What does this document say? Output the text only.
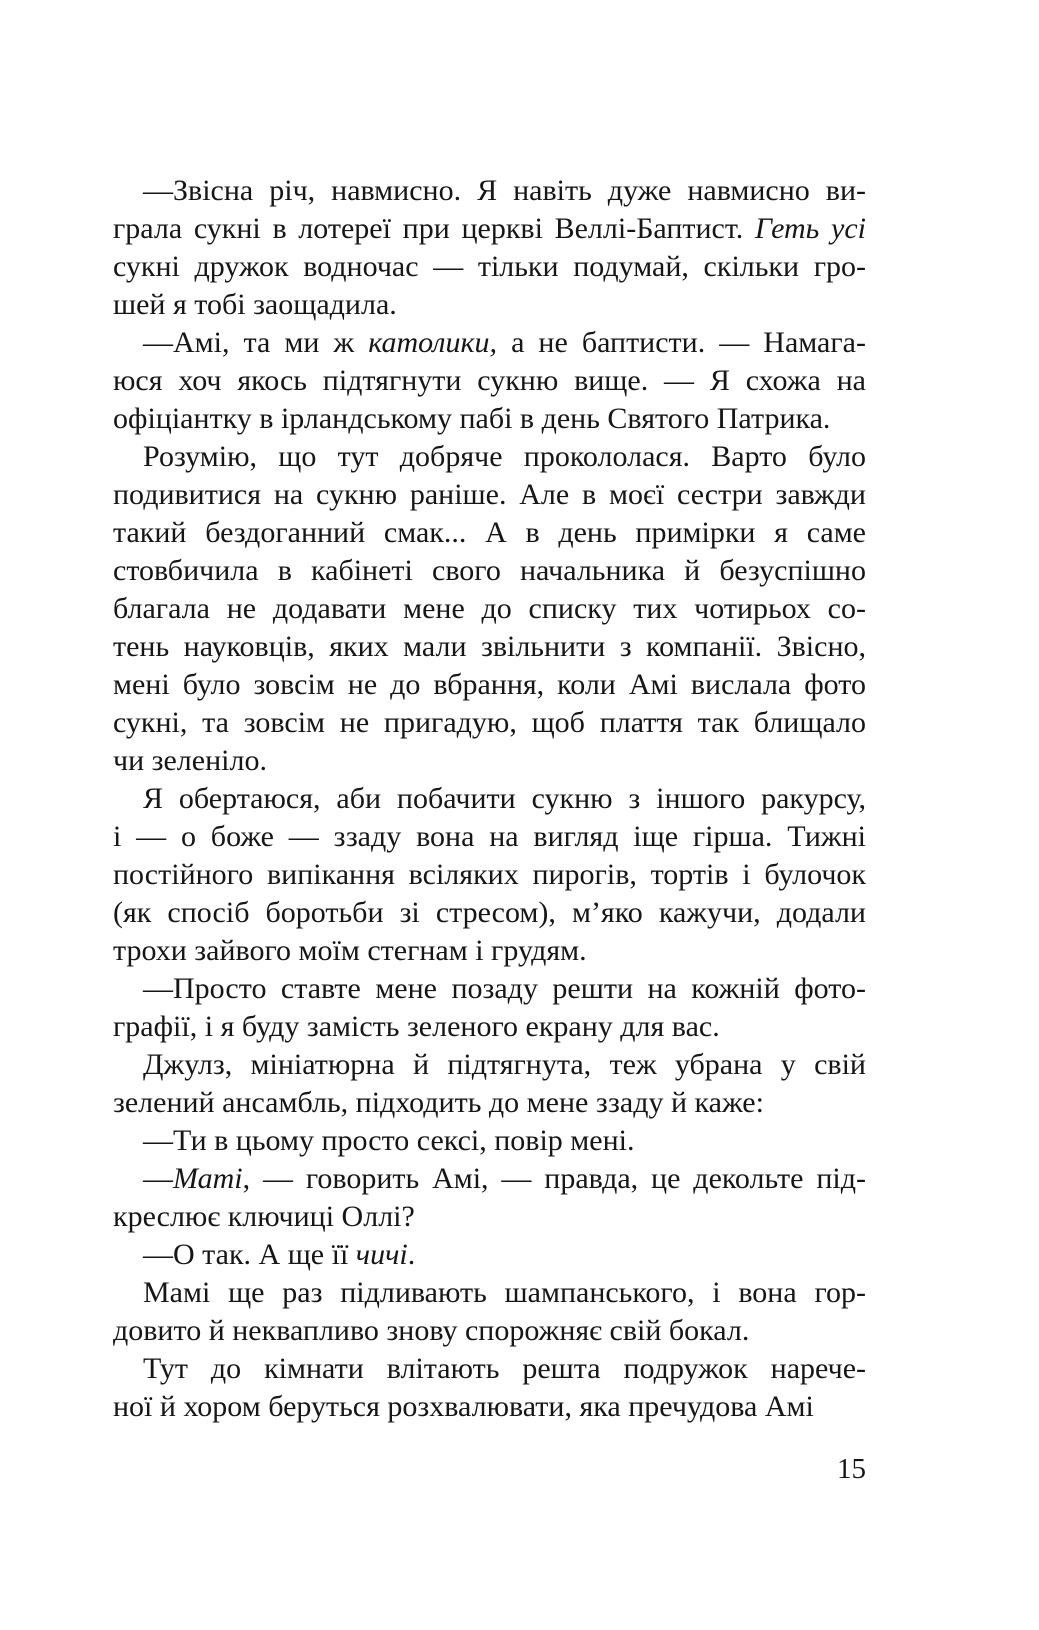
—Звісна річ, навмисно. Я навіть дуже навмисно ви-
грала сукні в лотереї при церкві Веллі-Баптист. Геть усі
сукні дружок водночас — тільки подумай, скільки гро-
шей я тобі заощадила.
—Амі, та ми ж католики, а не баптисти. — Намага-
юся хоч якось підтягнути сукню вище. — Я схожа на
офіціантку в ірландському пабі в день Святого Патрика.
Розумію, що тут добряче прокололася. Варто було
подивитися на сукню раніше. Але в моєї сестри завжди
такий бездоганний смак... А в день примірки я саме
стовбичила в кабінеті свого начальника й безуспішно
благала не додавати мене до списку тих чотирьох со-
тень науковців, яких мали звільнити з компанії. Звісно,
мені було зовсім не до вбрання, коли Амі вислала фото
сукні, та зовсім не пригадую, щоб плаття так блищало
чи зеленіло.
Я обертаюся, аби побачити сукню з іншого ракурсу,
і — о боже — ззаду вона на вигляд іще гірша. Тижні
постійного випікання всіляких пирогів, тортів і булочок
(як спосіб боротьби зі стресом), м’яко кажучи, додали
трохи зайвого моїм стегнам і грудям.
—Просто ставте мене позаду решти на кожній фото-
графії, і я буду замість зеленого екрану для вас.
Джулз, мініатюрна й підтягнута, теж убрана у свій
зелений ансамбль, підходить до мене ззаду й каже:
—Ти в цьому просто сексі, повір мені.
—Маті, — говорить Амі, — правда, це декольте під-
креслює ключиці Оллі?
—О так. А ще її чичі.
Мамі ще раз підливають шампанського, і вона гор-
довито й неквапливо знову спорожняє свій бокал.
Тут до кімнати влітають решта подружок нарече-
ної й хором беруться розхвалювати, яка пречудова Амі
15
